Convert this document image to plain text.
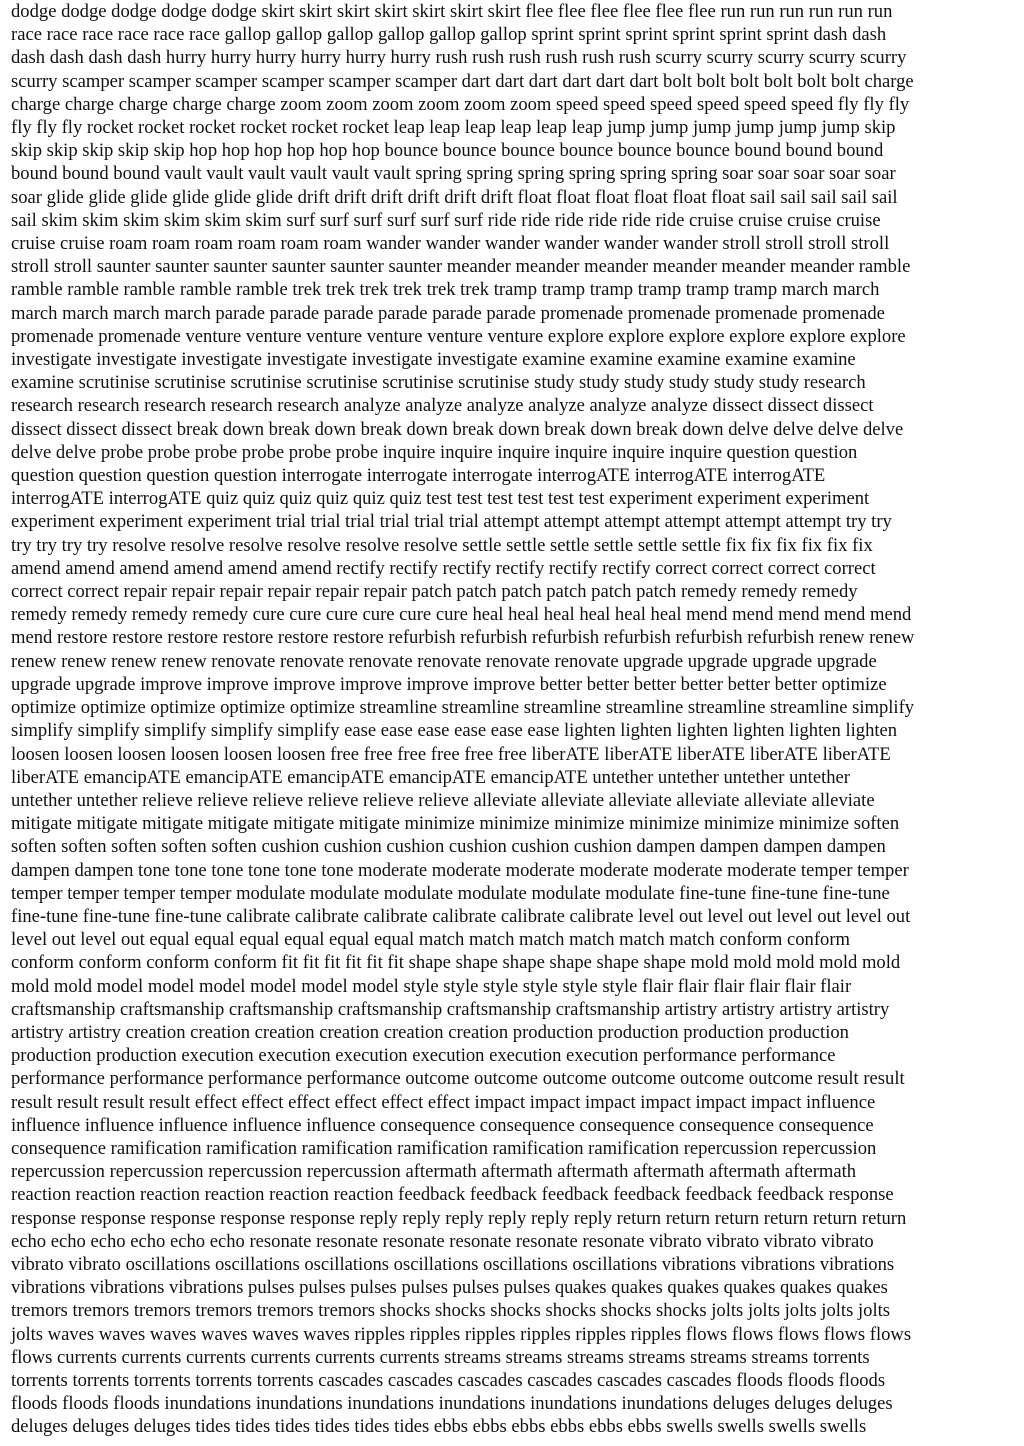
dodge dodge dodge dodge dodge skirt skirt skirt skirt skirt skirt skirt flee flee flee flee flee flee run run run run run run
race race race race race race gallop gallop gallop gallop gallop gallop sprint sprint sprint sprint sprint sprint dash dash
dash dash dash dash hurry hurry hurry hurry hurry hurry rush rush rush rush rush rush scurry scurry scurry scurry scurry
scurry scamper scamper scamper scamper scamper scamper dart dart dart dart dart dart bolt bolt bolt bolt bolt bolt charge
charge charge charge charge charge zoom zoom zoom zoom zoom zoom speed speed speed speed speed speed fly fly fly
fly fly fly rocket rocket rocket rocket rocket rocket leap leap leap leap leap leap jump jump jump jump jump jump skip
skip skip skip skip skip hop hop hop hop hop hop bounce bounce bounce bounce bounce bounce bound bound bound
bound bound bound vault vault vault vault vault vault spring spring spring spring spring spring soar soar soar soar soar
soar glide glide glide glide glide glide drift drift drift drift drift drift float float float float float float sail sail sail sail sail
sail skim skim skim skim skim skim surf surf surf surf surf surf ride ride ride ride ride ride cruise cruise cruise cruise
cruise cruise roam roam roam roam roam roam wander wander wander wander wander wander stroll stroll stroll stroll
stroll stroll saunter saunter saunter saunter saunter saunter meander meander meander meander meander meander ramble
ramble ramble ramble ramble ramble trek trek trek trek trek trek tramp tramp tramp tramp tramp tramp march march
march march march march parade parade parade parade parade parade promenade promenade promenade promenade
promenade promenade venture venture venture venture venture venture explore explore explore explore explore explore
investigate investigate investigate investigate investigate investigate examine examine examine examine examine
examine scrutinise scrutinise scrutinise scrutinise scrutinise scrutinise study study study study study study research
research research research research research analyze analyze analyze analyze analyze analyze dissect dissect dissect
dissect dissect dissect break down break down break down break down break down break down delve delve delve delve
delve delve probe probe probe probe probe probe inquire inquire inquire inquire inquire inquire question question
question question question question interrogate interrogate interrogate interrogATE interrogATE interrogATE
interrogATE interrogATE quiz quiz quiz quiz quiz quiz test test test test test test experiment experiment experiment
experiment experiment experiment trial trial trial trial trial trial attempt attempt attempt attempt attempt attempt try try
try try try try resolve resolve resolve resolve resolve resolve settle settle settle settle settle settle fix fix fix fix fix fix
amend amend amend amend amend amend rectify rectify rectify rectify rectify rectify correct correct correct correct
correct correct repair repair repair repair repair repair patch patch patch patch patch patch remedy remedy remedy
remedy remedy remedy remedy cure cure cure cure cure cure heal heal heal heal heal heal mend mend mend mend mend
mend restore restore restore restore restore restore refurbish refurbish refurbish refurbish refurbish refurbish renew renew
renew renew renew renew renovate renovate renovate renovate renovate renovate upgrade upgrade upgrade upgrade
upgrade upgrade improve improve improve improve improve improve better better better better better better optimize
optimize optimize optimize optimize optimize streamline streamline streamline streamline streamline streamline simplify
simplify simplify simplify simplify simplify ease ease ease ease ease ease lighten lighten lighten lighten lighten lighten
loosen loosen loosen loosen loosen loosen free free free free free free liberATE liberATE liberATE liberATE liberATE
liberATE emancipATE emancipATE emancipATE emancipATE emancipATE untether untether untether untether
untether untether relieve relieve relieve relieve relieve relieve alleviate alleviate alleviate alleviate alleviate alleviate
mitigate mitigate mitigate mitigate mitigate mitigate minimize minimize minimize minimize minimize minimize soften
soften soften soften soften soften cushion cushion cushion cushion cushion cushion dampen dampen dampen dampen
dampen dampen tone tone tone tone tone tone moderate moderate moderate moderate moderate moderate temper temper
temper temper temper temper modulate modulate modulate modulate modulate modulate fine-tune fine-tune fine-tune
fine-tune fine-tune fine-tune calibrate calibrate calibrate calibrate calibrate calibrate level out level out level out level out
level out level out equal equal equal equal equal equal match match match match match match conform conform
conform conform conform conform fit fit fit fit fit fit shape shape shape shape shape shape mold mold mold mold mold
mold mold model model model model model model style style style style style style flair flair flair flair flair flair
craftsmanship craftsmanship craftsmanship craftsmanship craftsmanship craftsmanship artistry artistry artistry artistry
artistry artistry creation creation creation creation creation creation production production production production
production production execution execution execution execution execution execution performance performance
performance performance performance performance outcome outcome outcome outcome outcome outcome result result
result result result result effect effect effect effect effect effect impact impact impact impact impact impact influence
influence influence influence influence influence consequence consequence consequence consequence consequence
consequence ramification ramification ramification ramification ramification ramification repercussion repercussion
repercussion repercussion repercussion repercussion aftermath aftermath aftermath aftermath aftermath aftermath
reaction reaction reaction reaction reaction reaction feedback feedback feedback feedback feedback feedback response
response response response response response reply reply reply reply reply reply return return return return return return
echo echo echo echo echo echo resonate resonate resonate resonate resonate resonate vibrato vibrato vibrato vibrato
vibrato vibrato oscillations oscillations oscillations oscillations oscillations oscillations vibrations vibrations vibrations
vibrations vibrations vibrations pulses pulses pulses pulses pulses pulses quakes quakes quakes quakes quakes quakes
tremors tremors tremors tremors tremors tremors shocks shocks shocks shocks shocks shocks jolts jolts jolts jolts jolts
jolts waves waves waves waves waves waves ripples ripples ripples ripples ripples ripples flows flows flows flows flows
flows currents currents currents currents currents currents streams streams streams streams streams streams torrents
torrents torrents torrents torrents torrents cascades cascades cascades cascades cascades cascades floods floods floods
floods floods floods inundations inundations inundations inundations inundations inundations deluges deluges deluges
deluges deluges deluges tides tides tides tides tides tides ebbs ebbs ebbs ebbs ebbs ebbs swells swells swells swells
